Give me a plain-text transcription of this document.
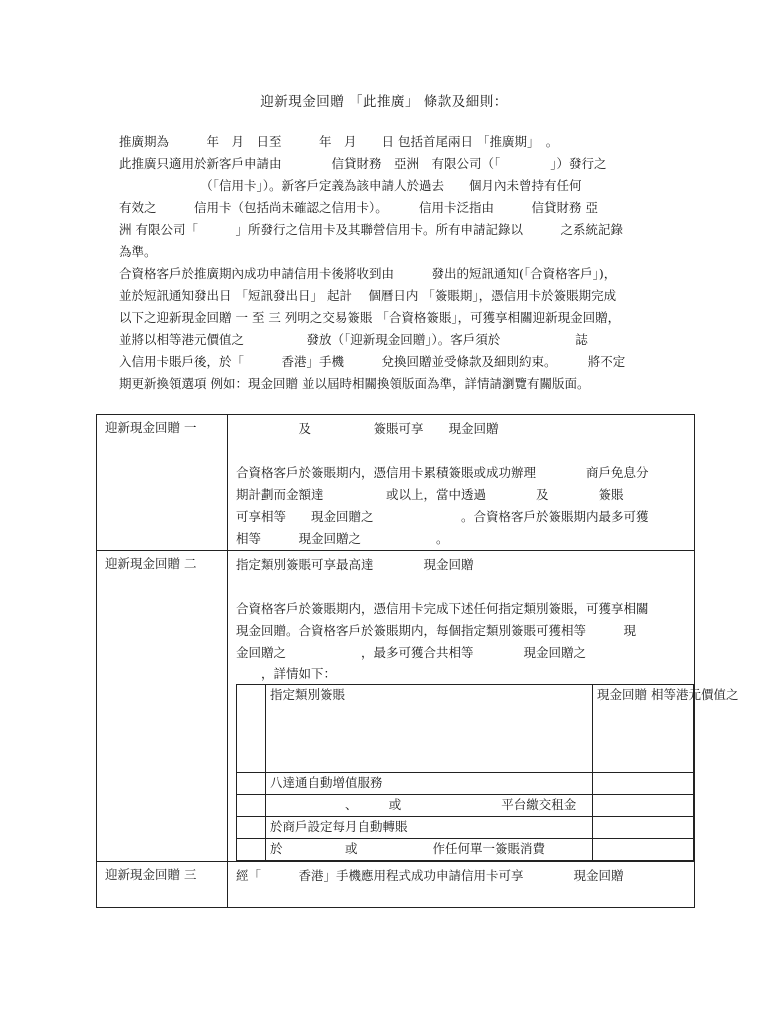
迎新現金回贈 「此推廣」 條款及細則：
推廣期為　　　年　月　日至　　　年　月　　日 包括首尾兩日 「推廣期」　。
此推廣只適用於新客戶申請由　　　　信貸財務　亞洲　有限公司（「　　　　」）發行之
　　　　　　　（「信用卡」）。新客戶定義為該申請人於過去　　個月內未曾持有任何
有效之　　　信用卡（包括尚未確認之信用卡）。　　　信用卡泛指由　　　信貸財務 亞
洲 有限公司「　　　」所發行之信用卡及其聯營信用卡。所有申請記錄以　　　之系統記錄
為準。
合資格客戶於推廣期內成功申請信用卡後將收到由　　　發出的短訊通知(「合資格客戶」)，
並於短訊通知發出日 「短訊發出日」 起計　 個曆日内 「簽賬期」，憑信用卡於簽賬期完成
以下之迎新現金回贈 一 至 三 列明之交易簽賬 「合資格簽賬」，可獲享相關迎新現金回贈，
並將以相等港元價值之　　　　　發放（「迎新現金回贈」）。客戶須於　　　　　　誌
入信用卡賬戶後，於「　　　香港」手機　　　兌換回贈並受條款及細則約束。　　　將不定
期更新換領選項 例如：現金回贈 並以屆時相關換領版面為準，詳情請瀏覽有關版面。
迎新現金回贈 一	　　　　　及　　　　　簽賬可享　　現金回贈
合資格客戶於簽賬期内，憑信用卡累積簽賬或成功辦理　　　　商戶免息分
期計劃而金額達　　　　　或以上，當中透過　　　　及　　　　簽賬
可享相等　　現金回贈之　　　　　　　。合資格客戶於簽賬期内最多可獲
相等　　　現金回贈之　　　　　　。

迎新現金回贈 二	指定類別簽賬可享最高達　　　　現金回贈
合資格客戶於簽賬期内，憑信用卡完成下述任何指定類別簽賬，可獲享相關
現金回贈。合資格客戶於簽賬期内，每個指定類別簽賬可獲相等　　　現
金回贈之　　　　　　，最多可獲合共相等　　　　現金回贈之
　　，詳情如下：
	指定類別簽賬	現金回贈 相等港元價值之
	八達通自動增值服務	
	　　　　　　、　　　或　　　　　　　　平台繳交租金	
	於商戶設定每月自動轉賬	
	於　　　　　或　　　　　　作任何單一簽賬消費	

迎新現金回贈 三	經「　　　香港」手機應用程式成功申請信用卡可享　　　　現金回贈
